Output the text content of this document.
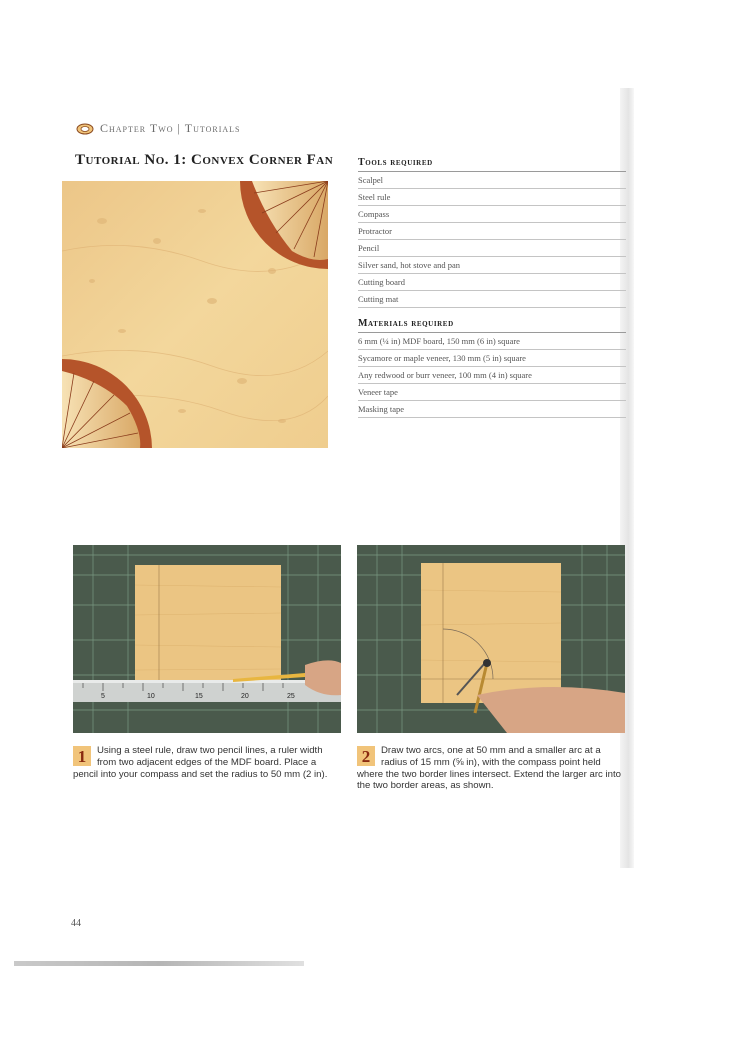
Chapter Two | Tutorials
Tutorial No. 1: Convex Corner Fan Tools required
Scalpel
Steel rule
Compass
Protractor
Pencil
Silver sand, hot stove and pan
Cutting board
Cutting mat
Materials required
6 mm (¼ in) MDF board, 150 mm (6 in) square
Sycamore or maple veneer, 130 mm (5 in) square
Any redwood or burr veneer, 100 mm (4 in) square
Veneer tape
Masking tape
5	10	15	20	25
1	Using a steel rule, draw two pencil lines, a ruler width from two adjacent edges of the MDF board. Place a pencil into your compass and set the radius to 50 mm (2 in).
2	Draw two arcs, one at 50 mm and a smaller arc at a radius of 15 mm (⅝ in), with the compass point held where the two border lines intersect. Extend the larger arc into the two border areas, as shown.
44
